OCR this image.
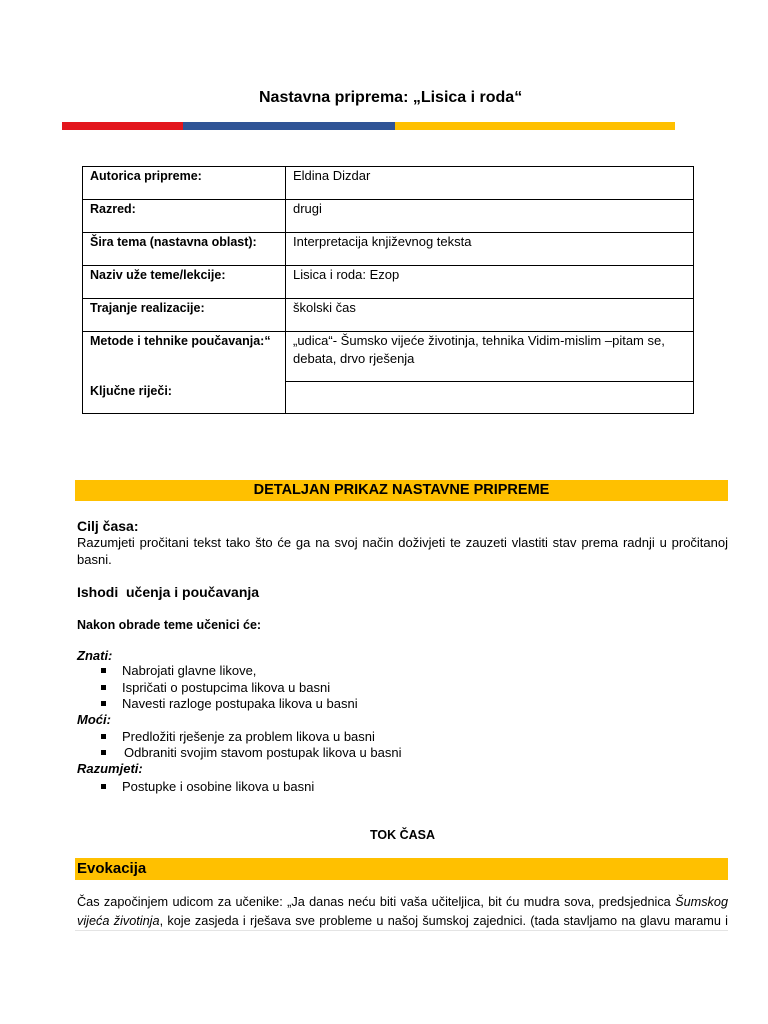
Nastavna priprema: „Lisica i roda“
Autorica pripreme:	Eldina Dizdar
Razred:	drugi
Šira tema (nastavna oblast):	Interpretacija književnog teksta
Naziv uže teme/lekcije:	Lisica i roda: Ezop
Trajanje realizacije:	školski čas
Metode i tehnike poučavanja:“	„udica“- Šumsko vijeće životinja, tehnika Vidim-mislim –pitam se, debata, drvo rješenja
Ključne riječi:	
DETALJAN PRIKAZ NASTAVNE PRIPREME
Cilj časa:
Razumjeti pročitani tekst tako što će ga na svoj način doživjeti te zauzeti vlastiti stav prema radnji u pročitanoj
basni.
Ishodi  učenja i poučavanja
Nakon obrade teme učenici će:
Znati:
Nabrojati glavne likove,
Ispričati o postupcima likova u basni
Navesti razloge postupaka likova u basni
Moći:
Predložiti rješenje za problem likova u basni
Odbraniti svojim stavom postupak likova u basni
Razumjeti:
Postupke i osobine likova u basni
TOK ČASA
Evokacija
Čas započinjem udicom za učenike: „Ja danas neću biti vaša učiteljica, bit ću mudra sova, predsjednica Šumskog
vijeća životinja, koje zasjeda i rješava sve probleme u našoj šumskoj zajednici. (tada stavljamo na glavu maramu i
